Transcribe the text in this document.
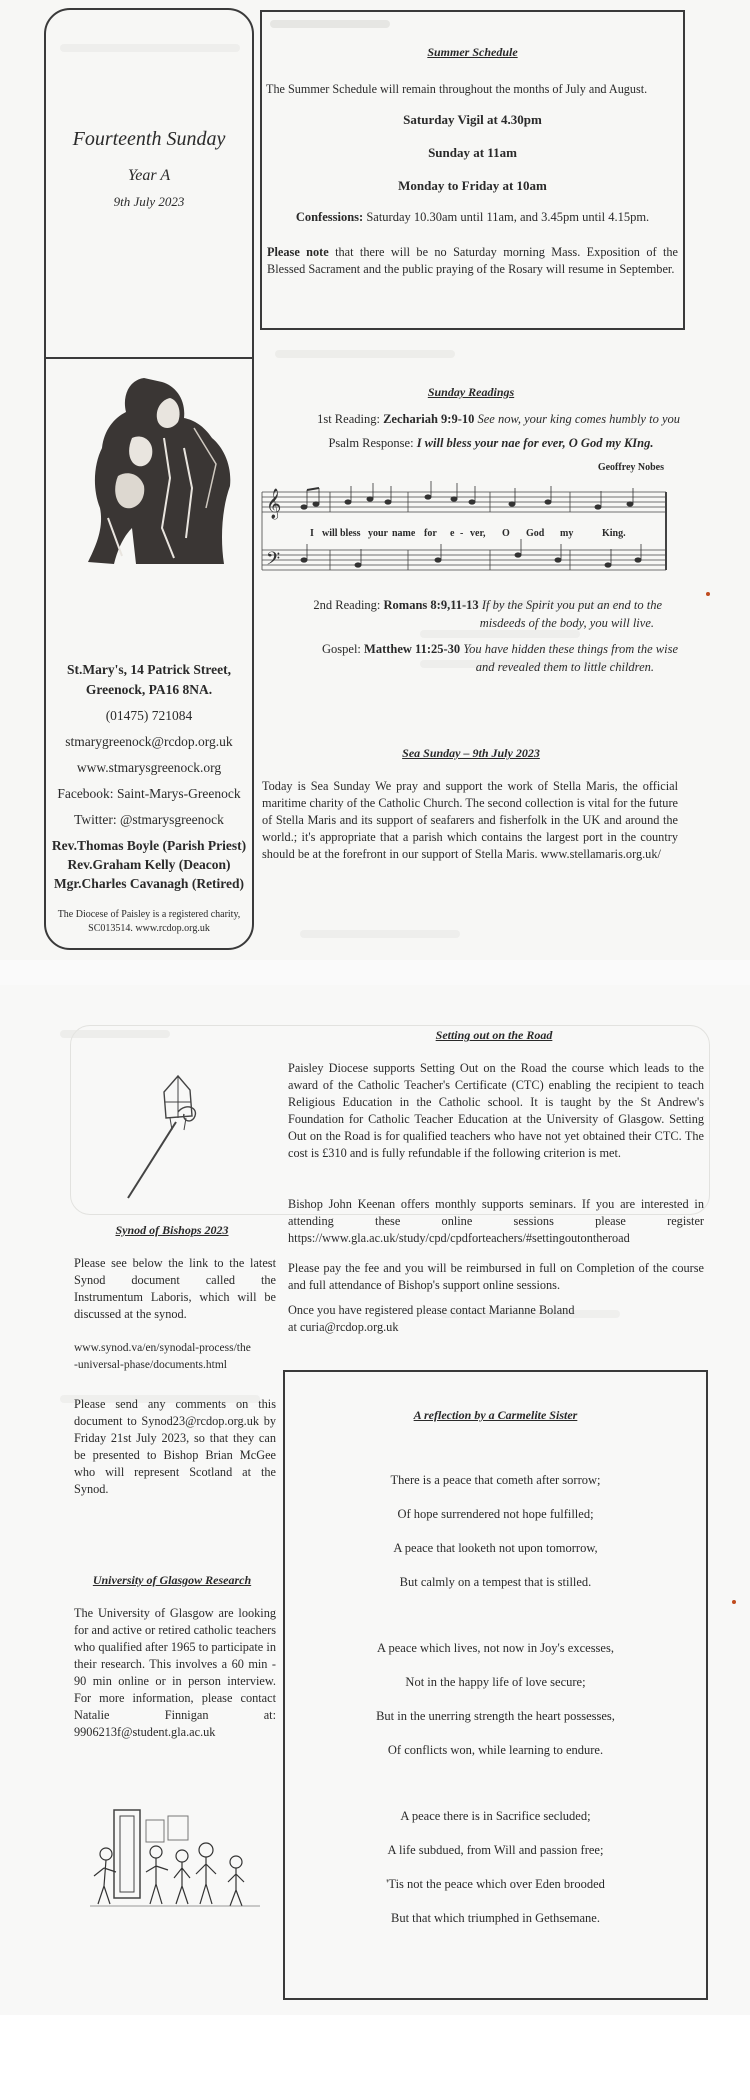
Fourteenth Sunday
Year A
9th July 2023
St.Mary's, 14 Patrick Street,
Greenock, PA16 8NA.
(01475) 721084
stmarygreenock@rcdop.org.uk
www.stmarysgreenock.org
Facebook: Saint-Marys-Greenock
Twitter: @stmarysgreenock
Rev.Thomas Boyle (Parish Priest)
Rev.Graham Kelly (Deacon)
Mgr.Charles Cavanagh (Retired)
The Diocese of Paisley is a registered charity,
SC013514. www.rcdop.org.uk
Summer Schedule
The Summer Schedule will remain throughout the months of July and August.
Saturday Vigil at 4.30pm
Sunday at 11am
Monday to Friday at 10am
Confessions: Saturday 10.30am until 11am, and 3.45pm until 4.15pm.
Please note that there will be no Saturday morning Mass. Exposition of the Blessed Sacrament and the public praying of the Rosary will resume in September.
Sunday Readings
1st Reading: Zechariah 9:9-10 See now, your king comes humbly to you
Psalm Response: I will bless your nae for ever, O God my KIng.
Geoffrey Nobes
𝄞
𝄢
I will bless your name for e - ver, O God my	King.
2nd Reading: Romans 8:9,11-13 If by the Spirit you put an end to the
misdeeds of the body, you will live.
Gospel: Matthew 11:25-30 You have hidden these things from the wise
and revealed them to little children.
Sea Sunday – 9th July 2023
Today is Sea Sunday We pray and support the work of Stella Maris, the official maritime charity of the Catholic Church. The second collection is vital for the future of Stella Maris and its support of seafarers and fisherfolk in the UK and around the world.; it's appropriate that a parish which contains the largest port in the country should be at the forefront in our support of Stella Maris. www.stellamaris.org.uk/
Synod of Bishops 2023
Please see below the link to the latest Synod document called the Instrumentum Laboris, which will be discussed at the synod.
www.synod.va/en/synodal-process/the
-universal-phase/documents.html
Please send any comments on this document to Synod23@rcdop.org.uk by Friday 21st July 2023, so that they can be presented to Bishop Brian McGee who will represent Scotland at the Synod.
University of Glasgow Research
The University of Glasgow are looking for and active or retired catholic teachers who qualified after 1965 to participate in their research. This involves a 60 min - 90 min online or in person interview. For more information, please contact Natalie Finnigan at: 9906213f@student.gla.ac.uk
Setting out on the Road
Paisley Diocese supports Setting Out on the Road the course which leads to the award of the Catholic Teacher's Certificate (CTC) enabling the recipient to teach Religious Education in the Catholic school. It is taught by the St Andrew's Foundation for Catholic Teacher Education at the University of Glasgow. Setting Out on the Road is for qualified teachers who have not yet obtained their CTC. The cost is £310 and is fully refundable if the following criterion is met.
Bishop John Keenan offers monthly supports seminars. If you are interested in attending these online sessions please register https://www.gla.ac.uk/study/cpd/cpdforteachers/#settingoutontheroad
Please pay the fee and you will be reimbursed in full on Completion of the course and full attendance of Bishop's support online sessions.
Once you have registered please contact Marianne Boland
at curia@rcdop.org.uk
A reflection by a Carmelite Sister
There is a peace that cometh after sorrow;
Of hope surrendered not hope fulfilled;
A peace that looketh not upon tomorrow,
But calmly on a tempest that is stilled.
A peace which lives, not now in Joy's excesses,
Not in the happy life of love secure;
But in the unerring strength the heart possesses,
Of conflicts won, while learning to endure.
A peace there is in Sacrifice secluded;
A life subdued, from Will and passion free;
'Tis not the peace which over Eden brooded
But that which triumphed in Gethsemane.
